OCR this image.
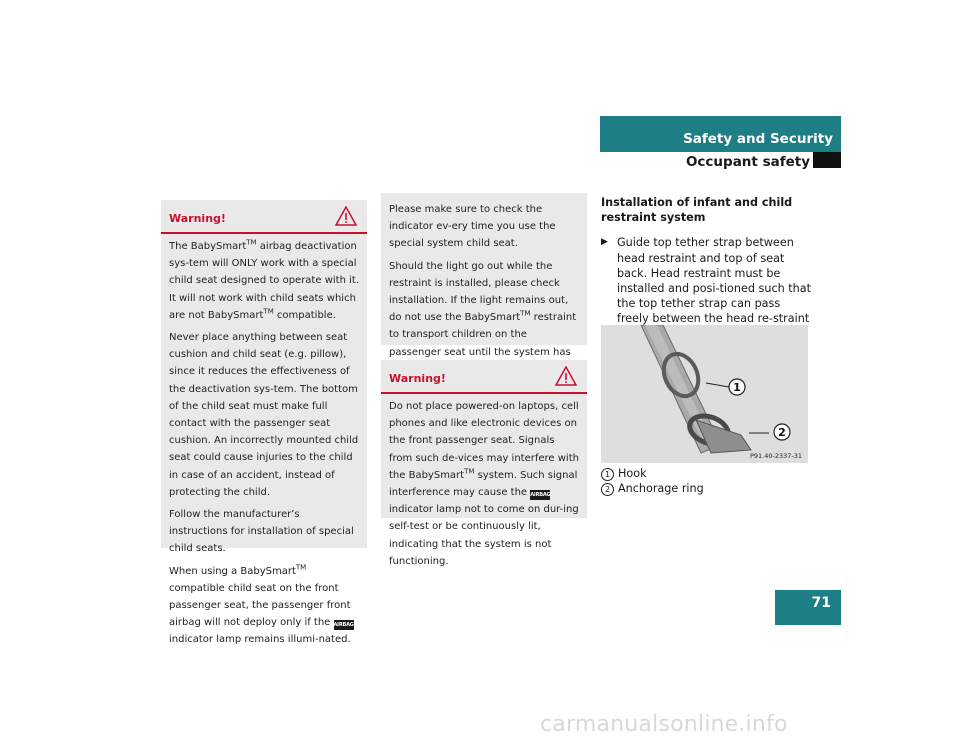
Safety and Security
Occupant safety
Warning!

The BabySmart™ airbag deactivation sys-tem will ONLY work with a special child seat designed to operate with it. It will not work with child seats which are not BabySmart™ compatible.

Never place anything between seat cushion and child seat (e.g. pillow), since it reduces the effectiveness of the deactivation sys-tem. The bottom of the child seat must make full contact with the passenger seat cushion. An incorrectly mounted child seat could cause injuries to the child in case of an accident, instead of protecting the child.

Follow the manufacturer’s instructions for installation of special child seats.

When using a BabySmart™ compatible child seat on the front passenger seat, the passenger front airbag will not deploy only if the AIRBAG indicator lamp remains illumi-nated.

Please make sure to check the indicator ev-ery time you use the special system child seat.

Should the light go out while the restraint is installed, please check installation. If the light remains out, do not use the BabySmart™ restraint to transport children on the passenger seat until the system has

Warning!

Do not place powered-on laptops, cell phones and like electronic devices on the front passenger seat. Signals from such de-vices may interfere with the BabySmart™ system. Such signal interference may cause the AIRBAG indicator lamp not to come on dur-ing self-test or be continuously lit, indicating that the system is not functioning.

Installation of infant and child restraint system

▶ Guide top tether strap between head restraint and top of seat back. Head restraint must be installed and posi-tioned such that the top tether strap can pass freely between the head re-straint
1
2
P91.40-2337-31
1 Hook
2 Anchorage ring
71
carmanualsonline.info
